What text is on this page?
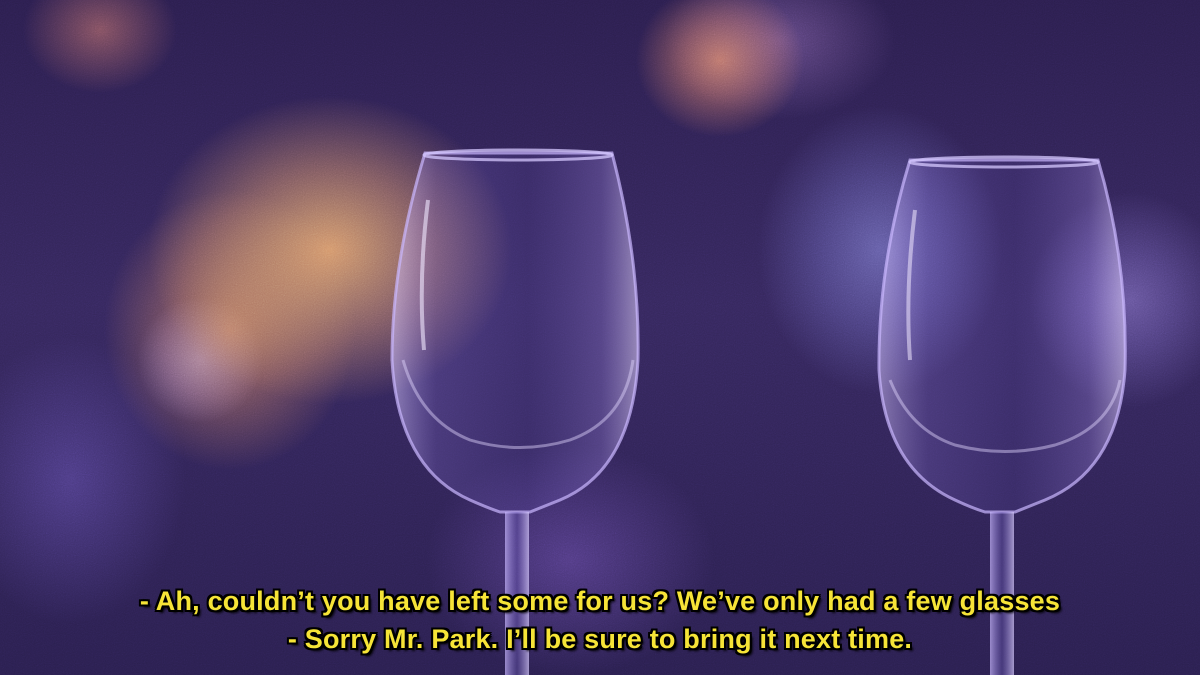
- Ah, couldn’t you have left some for us? We’ve only had a few glasses
- Sorry Mr. Park. I’ll be sure to bring it next time.
